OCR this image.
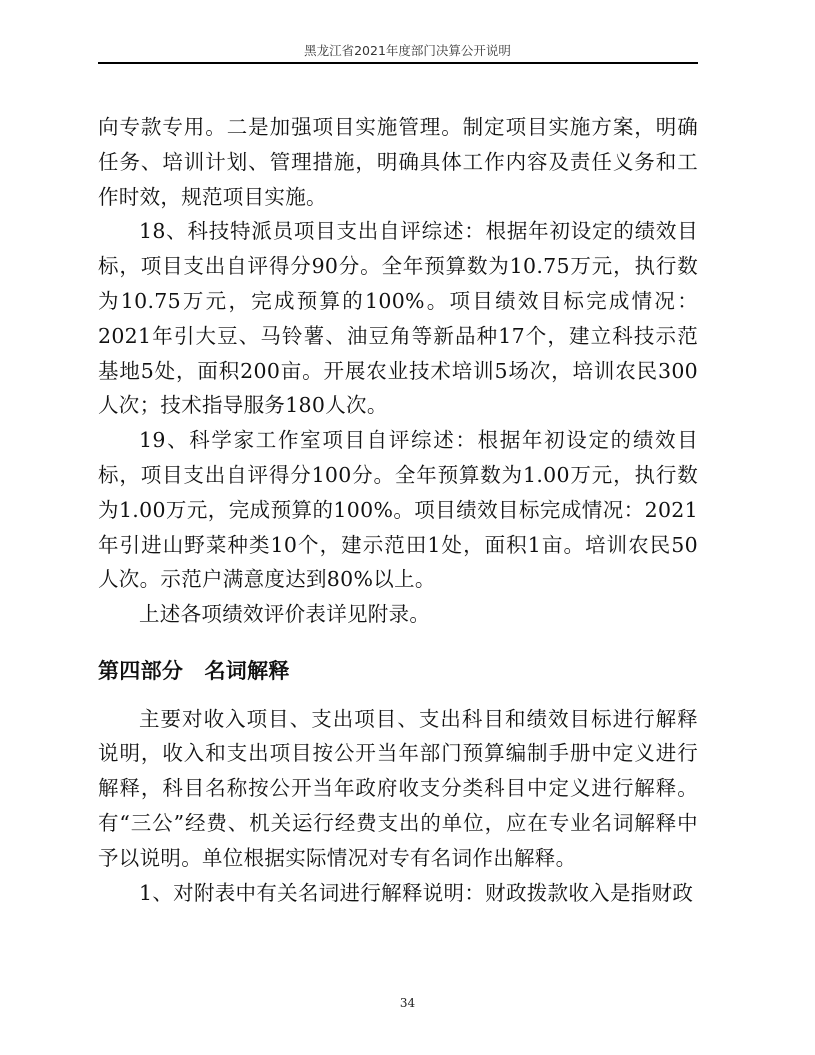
黑龙江省2021年度部门决算公开说明

向专款专用。二是加强项目实施管理。制定项目实施方案，明确任务、培训计划、管理措施，明确具体工作内容及责任义务和工作时效，规范项目实施。

18、科技特派员项目支出自评综述：根据年初设定的绩效目标，项目支出自评得分90分。全年预算数为10.75万元，执行数为10.75万元，完成预算的100%。项目绩效目标完成情况：2021年引大豆、马铃薯、油豆角等新品种17个，建立科技示范基地5处，面积200亩。开展农业技术培训5场次，培训农民300人次；技术指导服务180人次。

19、科学家工作室项目自评综述：根据年初设定的绩效目标，项目支出自评得分100分。全年预算数为1.00万元，执行数为1.00万元，完成预算的100%。项目绩效目标完成情况：2021年引进山野菜种类10个，建示范田1处，面积1亩。培训农民50人次。示范户满意度达到80%以上。

上述各项绩效评价表详见附录。

第四部分　名词解释

主要对收入项目、支出项目、支出科目和绩效目标进行解释说明，收入和支出项目按公开当年部门预算编制手册中定义进行解释，科目名称按公开当年政府收支分类科目中定义进行解释。有“三公”经费、机关运行经费支出的单位，应在专业名词解释中予以说明。单位根据实际情况对专有名词作出解释。

1、对附表中有关名词进行解释说明：财政拨款收入是指财政

34
